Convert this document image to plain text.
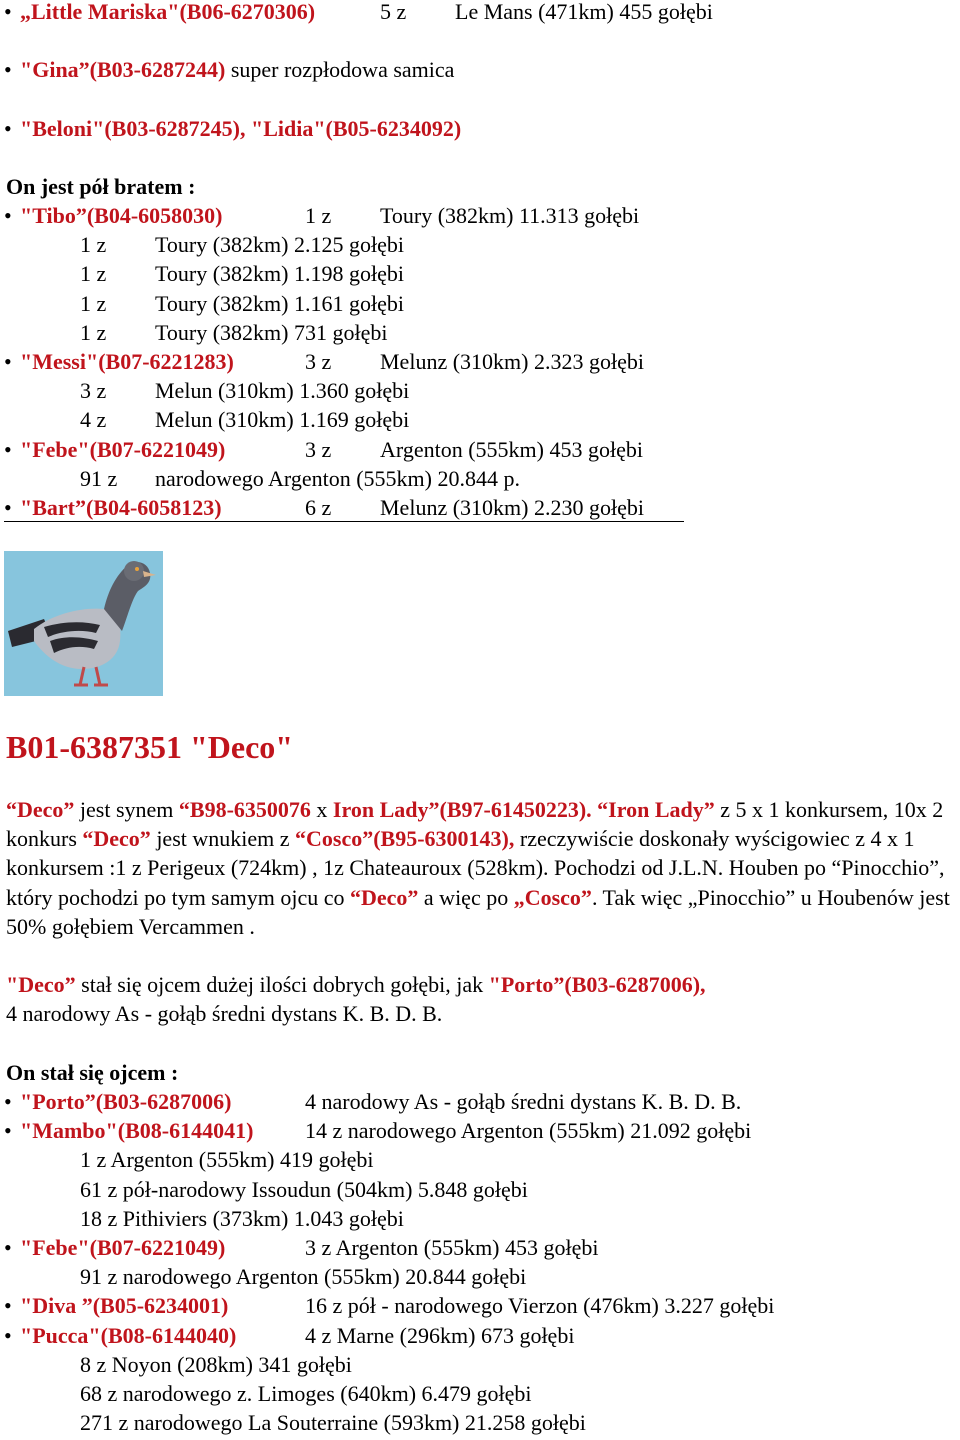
• „Little Mariska"(B06-6270306)	5 z Le Mans (471km) 455 gołębi
• "Gina”(B03-6287244) super rozpłodowa samica
• "Beloni"(B03-6287245), "Lidia"(B05-6234092)
On jest pół bratem :
• "Tibo”(B04-6058030)	1 z Toury (382km) 11.313 gołębi
1 z Toury (382km) 2.125 gołębi
1 z Toury (382km) 1.198 gołębi
1 z Toury (382km) 1.161 gołębi
1 z Toury (382km) 731 gołębi
• "Messi"(B07-6221283)	3 z Melunz (310km) 2.323 gołębi
3 z Melun (310km) 1.360 gołębi
4 z Melun (310km) 1.169 gołębi
• "Febe"(B07-6221049)	3 z Argenton (555km) 453 gołębi
91 z narodowego Argenton (555km) 20.844 p.
• "Bart”(B04-6058123)	6 z Melunz (310km) 2.230 gołębi
B01-6387351 "Deco"
“Deco” jest synem “B98-6350076 x Iron Lady”(B97-61450223). “Iron Lady” z 5 x 1 konkursem, 10x 2 konkurs “Deco” jest wnukiem z “Cosco”(B95-6300143), rzeczywiście doskonały wyścigowiec z 4 x 1 konkursem :1 z Perigeux (724km) , 1z Chateauroux (528km). Pochodzi od J.L.N. Houben po “Pinocchio”, który pochodzi po tym samym ojcu co “Deco” a więc po „Cosco”. Tak więc „Pinocchio” u Houbenów jest 50% gołębiem Vercammen .
"Deco” stał się ojcem dużej ilości dobrych gołębi, jak "Porto”(B03-6287006),
4 narodowy As - gołąb średni dystans K. B. D. B.
On stał się ojcem :
• "Porto”(B03-6287006)	4 narodowy As - gołąb średni dystans K. B. D. B.
• "Mambo"(B08-6144041) 14 z narodowego Argenton (555km) 21.092 gołębi
1 z Argenton (555km) 419 gołębi
61 z pół-narodowy Issoudun (504km) 5.848 gołębi
18 z Pithiviers (373km) 1.043 gołębi
• "Febe"(B07-6221049)	3 z Argenton (555km) 453 gołębi
91 z narodowego Argenton (555km) 20.844 gołębi
• "Diva ”(B05-6234001)	16 z pół - narodowego Vierzon (476km) 3.227 gołębi
• "Pucca"(B08-6144040)	4 z Marne (296km) 673 gołębi
8 z Noyon (208km) 341 gołębi
68 z narodowego z. Limoges (640km) 6.479 gołębi
271 z narodowego La Souterraine (593km) 21.258 gołębi
